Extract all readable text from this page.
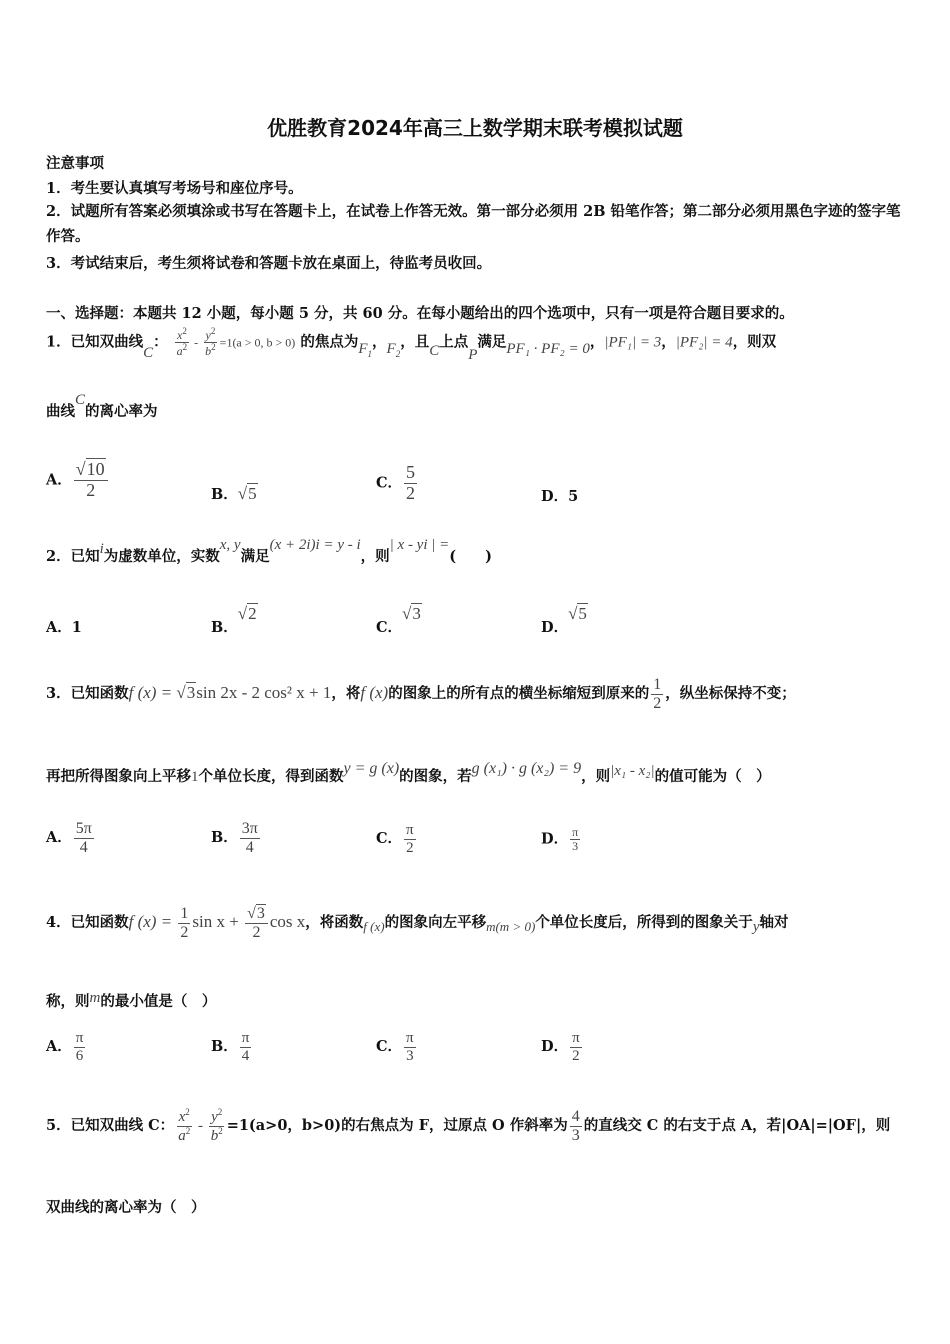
优胜教育2024年高三上数学期末联考模拟试题
注意事项
1．考生要认真填写考场号和座位序号。
2．试题所有答案必须填涂或书写在答题卡上，在试卷上作答无效。第一部分必须用 2B 铅笔作答；第二部分必须用黑色字迹的签字笔作答。
3．考试结束后，考生须将试卷和答题卡放在桌面上，待监考员收回。
一、选择题：本题共 12 小题，每小题 5 分，共 60 分。在每小题给出的四个选项中，只有一项是符合题目要求的。
1．已知双曲线C： $\frac{x^2}{a^2} - \frac{y^2}{b^2} =1(a > 0$, b > 0) 的焦点为$F_1$，$F_2$，且C上点P满足PF₁ · PF₂ = 0，|PF₁| = 3，|PF₂| = 4，则双
曲线C的离心率为
A． $\frac{√10}{2}$	B．√5
C． $\frac{5}{2}$	D．5
2．已知i为虚数单位，实数x, y满足(x + 2i)i = y - i，则| x - yi | =(　　)
A．1	B．√2
C．√3
D．√5
3．已知函数f (x) = √3sin 2x - 2 cos² x + 1，将f (x)的图象上的所有点的横坐标缩短到原来的 $\frac{1}{2}$ ，纵坐标保持不变；
再把所得图象向上平移1个单位长度，得到函数y = g (x)的图象，若g (x₁) · g (x₂) = 9，则|x₁ - x₂|的值可能为（　）
A． $\frac{5\pi}{4}$	B． $\frac{3\pi}{4}$	C． $\frac{\pi}{2}$	D． $\frac{\pi}{3}$
4．已知函数f $(x) = \frac{1}{2}$ $\sin x + \frac{√3}{2}$ cos x，将函数f (x)的图象向左平移m(m > 0)个单位长度后，所得到的图象关于y轴对
称，则m的最小值是（　）
A． $\frac{\pi}{6}$	B． $\frac{\pi}{4}$	C． $\frac{\pi}{3}$	D． $\frac{\pi}{2}$
5．已知双曲线 C： $\frac{x^2}{a^2} - \frac{y^2}{b^2} =1(a>0$，b>0)的右焦点为 F，过原点 O 作斜率为 $\frac{4}{3}$ 的直线交 C 的右支于点 A，若|OA|=|OF|，则
双曲线的离心率为（　）
